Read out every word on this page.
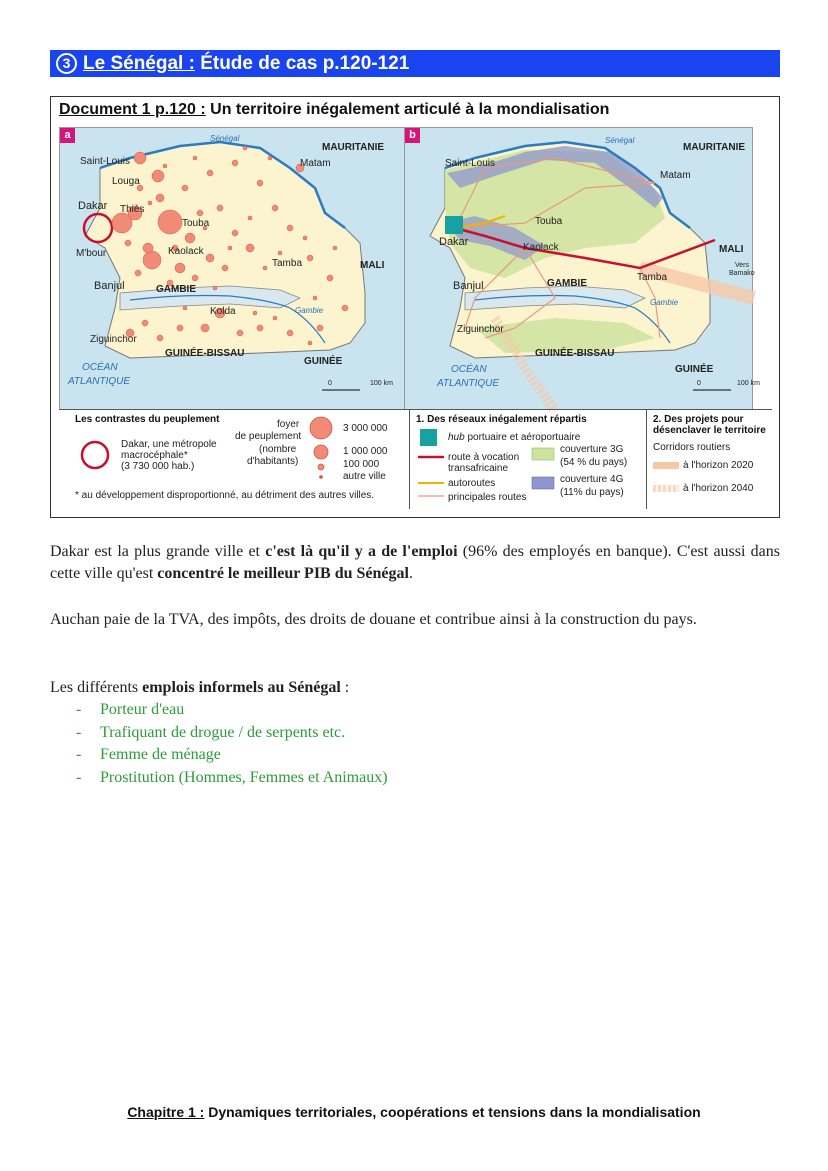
3 Le Sénégal : Étude de cas p.120-121
Document 1 p.120 : Un territoire inégalement articulé à la mondialisation
a	Sénégal
MAURITANIE
Saint-Louis	Matam
Louga
Dakar Thiès
Touba
M'bour	Kaolack
Tamba	MALI
Banjul	GAMBIE
Gambie
Kolda
Ziguinchor
GUINÉE-BISSAU
GUINÉE
OCÉAN
ATLANTIQUE	0	100 km
b	Sénégal
MAURITANIE
Saint-Louis
Matam
Touba
Dakar	Kaolack	MALI
Vers
Bamako
Banjul	GAMBIE
Tamba
Gambie
Ziguinchor
GUINÉE-BISSAU
GUINÉE
OCÉAN
ATLANTIQUE	0	100 km
Les contrastes du peuplement
Dakar, une métropole
macrocéphale*
(3 730 000 hab.)
foyer
de peuplement
(nombre
d'habitants)
3 000 000
1 000 000
100 000
autre ville
* au développement disproportionné, au détriment des autres villes.
1. Des réseaux inégalement répartis
hub portuaire et aéroportuaire
route à vocation
transafricaine
autoroutes
principales routes
couverture 3G
(54 % du pays)
couverture 4G
(11% du pays)
2. Des projets pour
désenclaver le territoire
Corridors routiers
à l'horizon 2020
à l'horizon 2040
Dakar est la plus grande ville et c'est là qu'il y a de l'emploi (96% des employés en banque). C'est aussi dans cette ville qu'est concentré le meilleur PIB du Sénégal.
Auchan paie de la TVA, des impôts, des droits de douane et contribue ainsi à la construction du pays.
Les différents emplois informels au Sénégal :
- Porteur d'eau
- Trafiquant de drogue / de serpents etc.
- Femme de ménage
- Prostitution (Hommes, Femmes et Animaux)
Chapitre 1 : Dynamiques territoriales, coopérations et tensions dans la mondialisation
